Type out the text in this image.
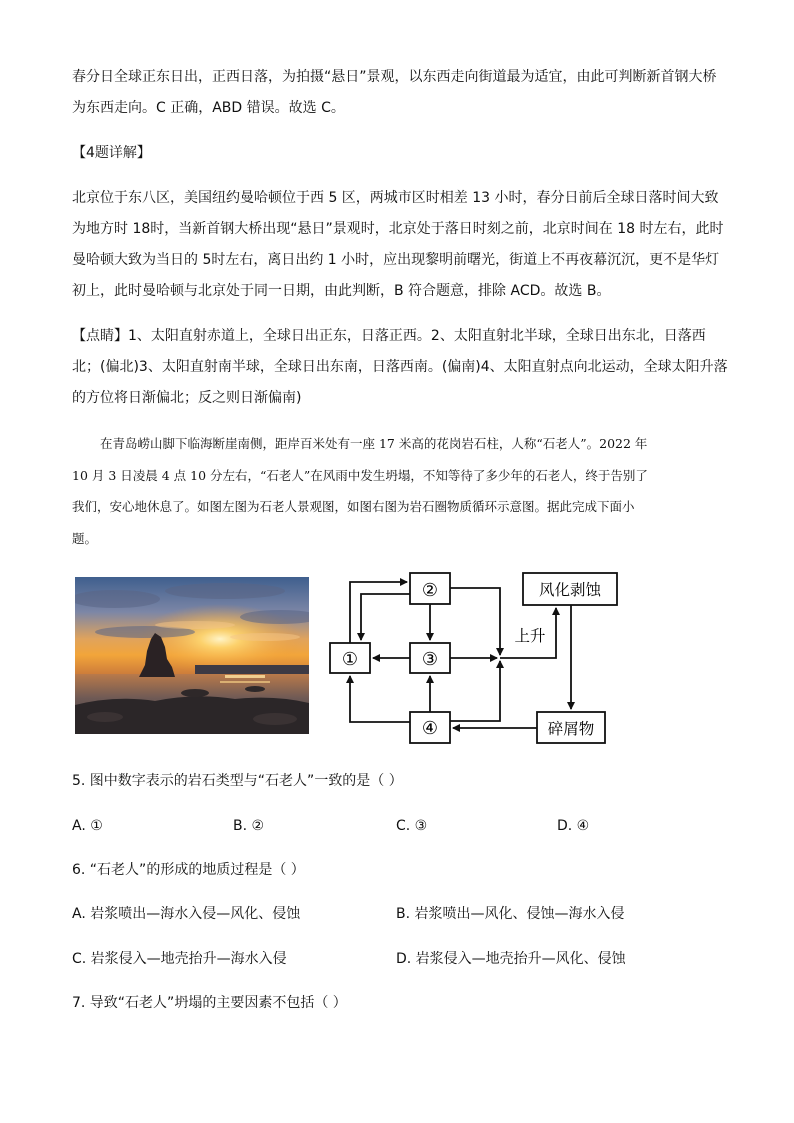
春分日全球正东日出，正西日落，为拍摄“悬日”景观，以东西走向街道最为适宜，由此可判断新首钢大桥
为东西走向。C 正确，ABD 错误。故选 C。

【4题详解】

北京位于东八区，美国纽约曼哈顿位于西 5 区，两城市区时相差 13 小时，春分日前后全球日落时间大致
为地方时 18时，当新首钢大桥出现“悬日”景观时，北京处于落日时刻之前，北京时间在 18 时左右，此时
曼哈顿大致为当日的 5时左右，离日出约 1 小时，应出现黎明前曙光，街道上不再夜幕沉沉，更不是华灯
初上，此时曼哈顿与北京处于同一日期，由此判断，B 符合题意，排除 ACD。故选 B。

【点睛】1、太阳直射赤道上，全球日出正东，日落正西。2、太阳直射北半球，全球日出东北，日落西
北；(偏北)3、太阳直射南半球，全球日出东南，日落西南。(偏南)4、太阳直射点向北运动，全球太阳升落
的方位将日渐偏北；反之则日渐偏南)

在青岛崂山脚下临海断崖南侧，距岸百米处有一座 17 米高的花岗岩石柱，人称“石老人”。2022 年
10 月 3 日凌晨 4 点 10 分左右，“石老人”在风雨中发生坍塌，不知等待了多少年的石老人，终于告别了
我们，安心地休息了。如图左图为石老人景观图，如图右图为岩石圈物质循环示意图。据此完成下面小
题。

②
①	③
④
风化剥蚀
上升
碎屑物
5. 图中数字表示的岩石类型与“石老人”一致的是（ ）
A. ①	B. ②	C. ③	D. ④
6. “石老人”的形成的地质过程是（ ）
A. 岩浆喷出—海水入侵—风化、侵蚀	B. 岩浆喷出—风化、侵蚀—海水入侵
C. 岩浆侵入—地壳抬升—海水入侵	D. 岩浆侵入—地壳抬升—风化、侵蚀
7. 导致“石老人”坍塌的主要因素不包括（ ）
